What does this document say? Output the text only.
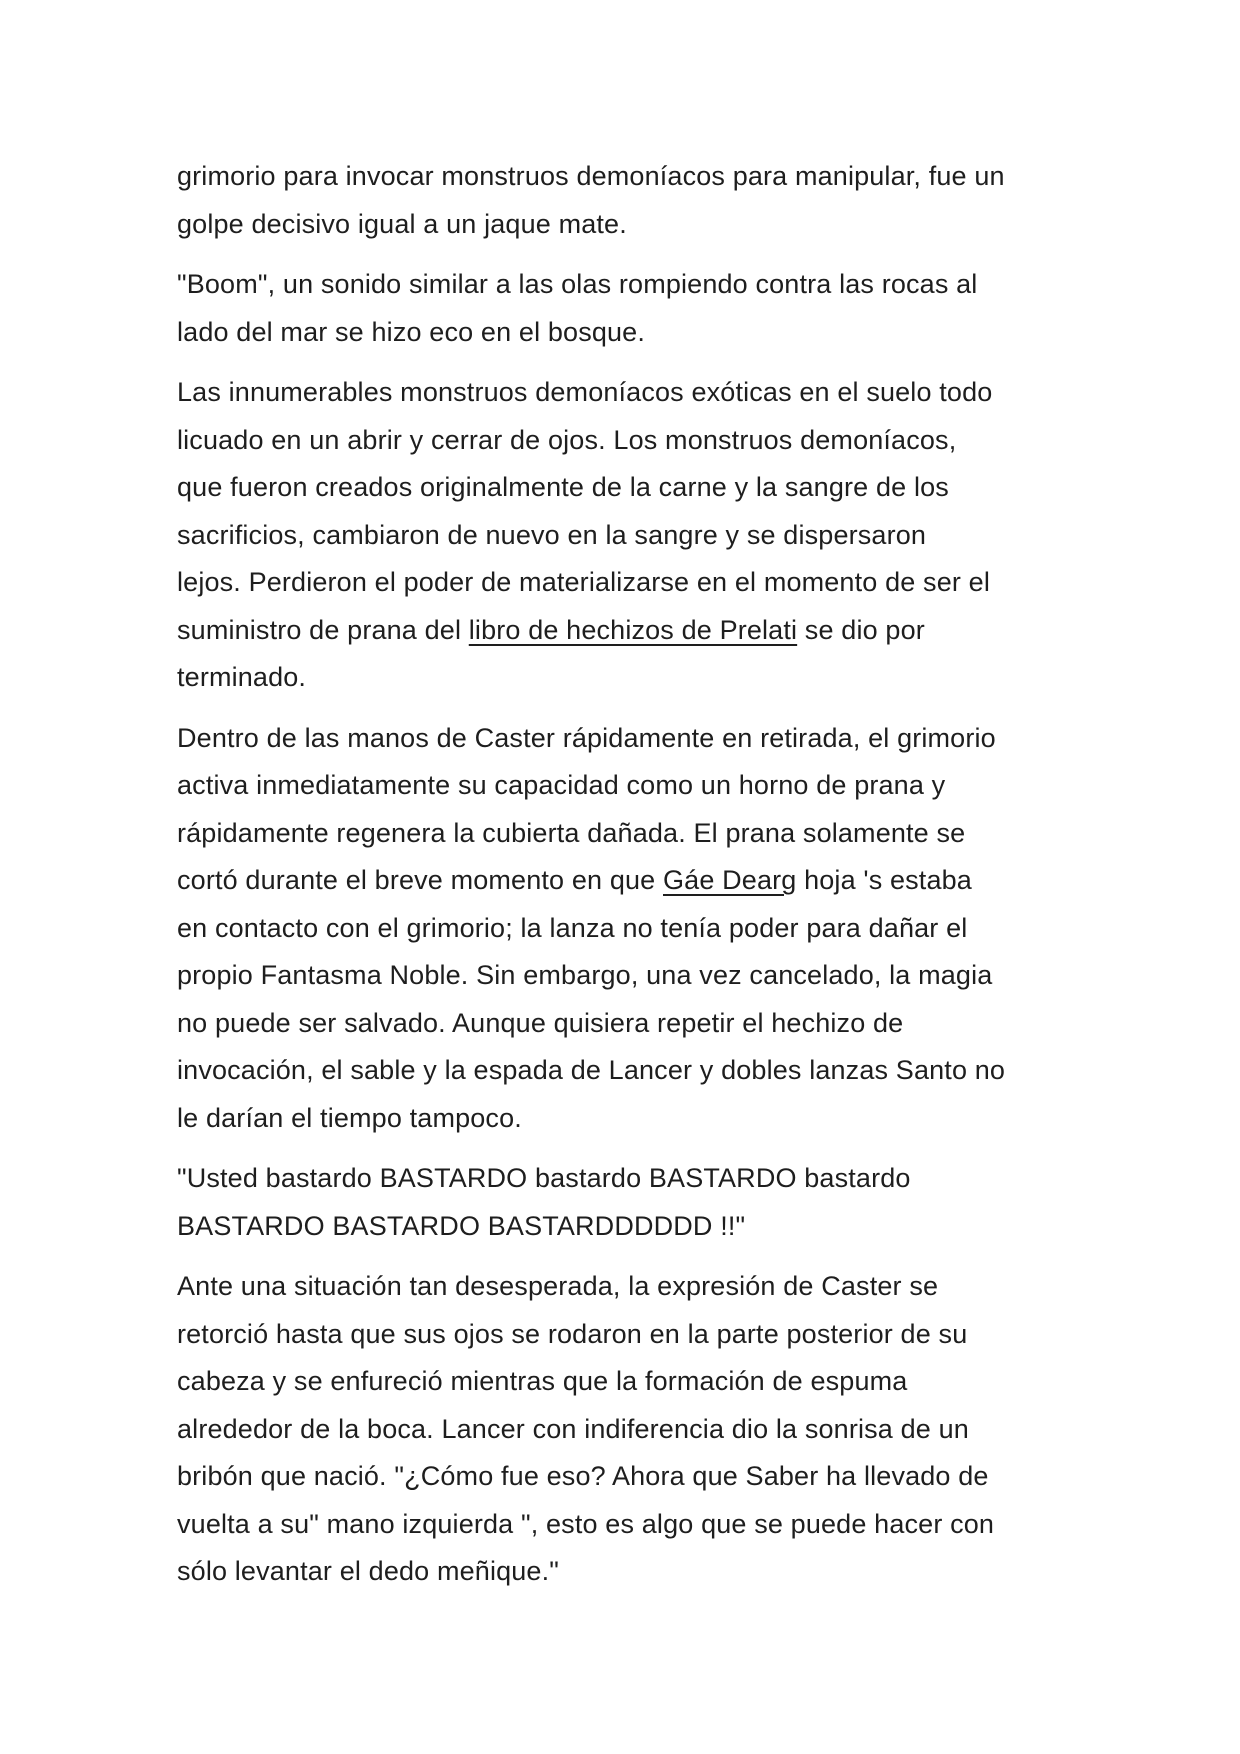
grimorio para invocar monstruos demoníacos para manipular, fue un
golpe decisivo igual a un jaque mate.

"Boom", un sonido similar a las olas rompiendo contra las rocas al
lado del mar se hizo eco en el bosque.

Las innumerables monstruos demoníacos exóticas en el suelo todo
licuado en un abrir y cerrar de ojos. Los monstruos demoníacos,
que fueron creados originalmente de la carne y la sangre de los
sacrificios, cambiaron de nuevo en la sangre y se dispersaron
lejos. Perdieron el poder de materializarse en el momento de ser el
suministro de prana del libro de hechizos de Prelati se dio por
terminado.

Dentro de las manos de Caster rápidamente en retirada, el grimorio
activa inmediatamente su capacidad como un horno de prana y
rápidamente regenera la cubierta dañada. El prana solamente se
cortó durante el breve momento en que Gáe Dearg hoja 's estaba
en contacto con el grimorio; la lanza no tenía poder para dañar el
propio Fantasma Noble. Sin embargo, una vez cancelado, la magia
no puede ser salvado. Aunque quisiera repetir el hechizo de
invocación, el sable y la espada de Lancer y dobles lanzas Santo no
le darían el tiempo tampoco.

"Usted bastardo BASTARDO bastardo BASTARDO bastardo
BASTARDO BASTARDO BASTARDDDDDD !!"

Ante una situación tan desesperada, la expresión de Caster se
retorció hasta que sus ojos se rodaron en la parte posterior de su
cabeza y se enfureció mientras que la formación de espuma
alrededor de la boca. Lancer con indiferencia dio la sonrisa de un
bribón que nació. "¿Cómo fue eso? Ahora que Saber ha llevado de
vuelta a su" mano izquierda ", esto es algo que se puede hacer con
sólo levantar el dedo meñique."
